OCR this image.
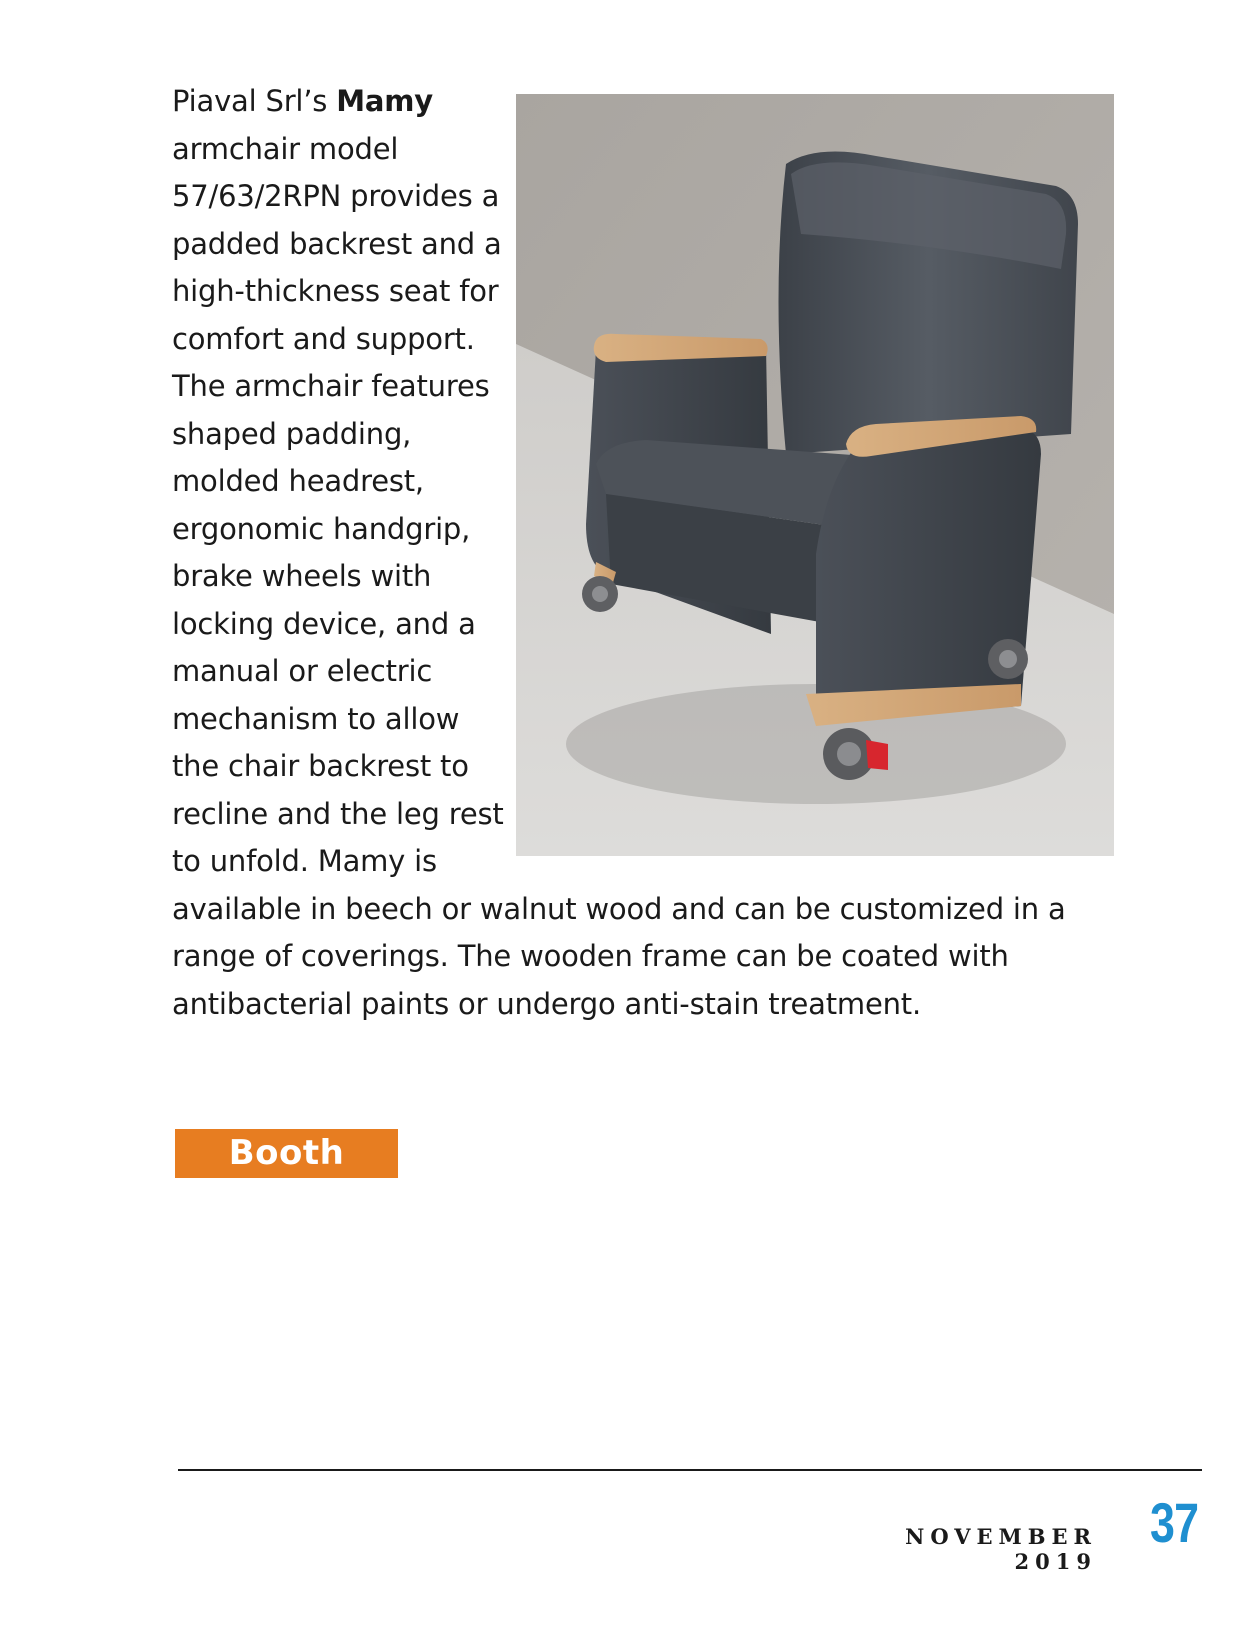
Piaval Srl’s Mamy armchair model 57/63/2RPN provides a padded backrest and a high-thickness seat for comfort and support. The armchair features shaped padding, molded headrest, ergonomic handgrip, brake wheels with locking device, and a manual or electric mechanism to allow the chair backrest to recline and the leg rest to unfold. Mamy is available in beech or walnut wood and can be customized in a range of coverings. The wooden frame can be coated with antibacterial paints or undergo anti-stain treatment.

Booth #848
NOVEMBER 2019
37
